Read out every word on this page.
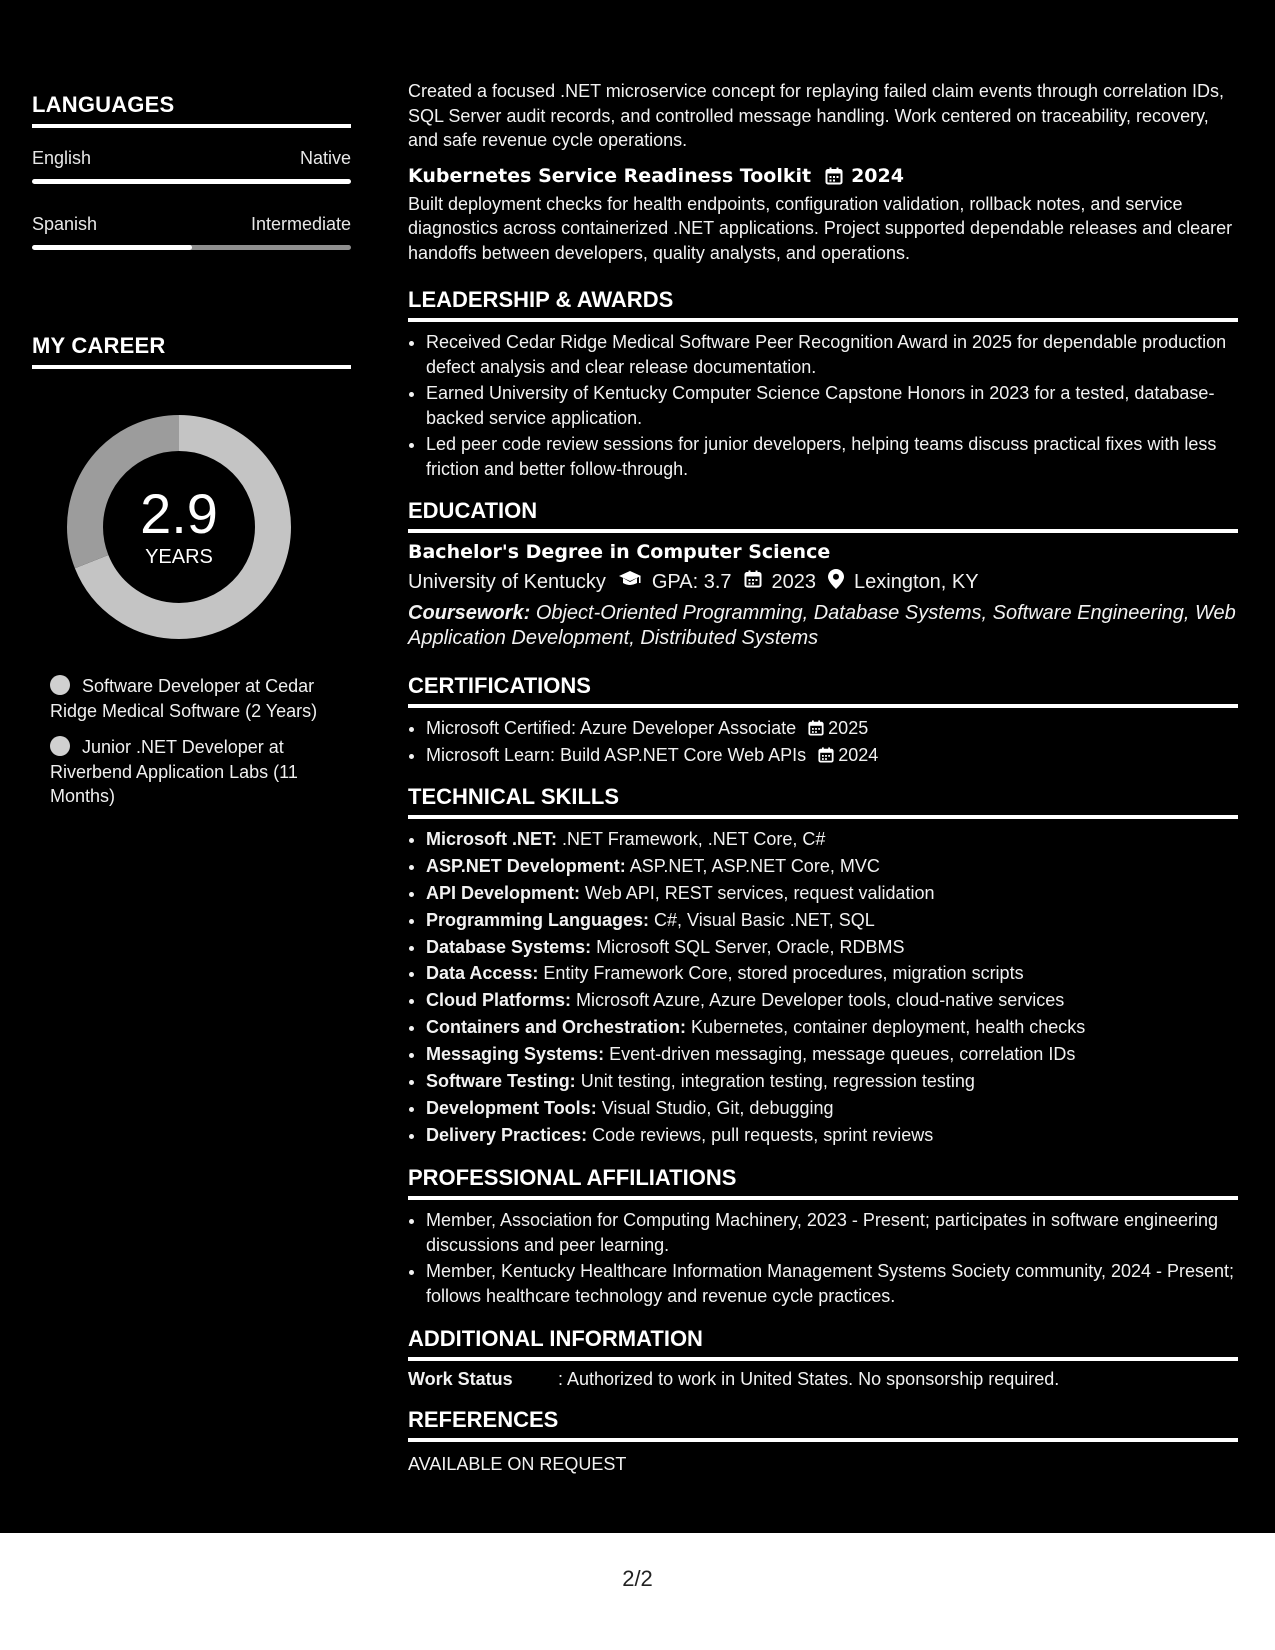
LANGUAGES
English	Native
Spanish	Intermediate
MY CAREER
2.9
YEARS
Software Developer at Cedar Ridge Medical Software (2 Years)
Junior .NET Developer at Riverbend Application Labs (11 Months)

Created a focused .NET microservice concept for replaying failed claim events through correlation IDs, SQL Server audit records, and controlled message handling. Work centered on traceability, recovery, and safe revenue cycle operations.

Kubernetes Service Readiness Toolkit 2024

Built deployment checks for health endpoints, configuration validation, rollback notes, and service diagnostics across containerized .NET applications. Project supported dependable releases and clearer handoffs between developers, quality analysts, and operations.

LEADERSHIP & AWARDS
• Received Cedar Ridge Medical Software Peer Recognition Award in 2025 for dependable production defect analysis and clear release documentation.
• Earned University of Kentucky Computer Science Capstone Honors in 2023 for a tested, database-backed service application.
• Led peer code review sessions for junior developers, helping teams discuss practical fixes with less friction and better follow-through.
EDUCATION

Bachelor's Degree in Computer Science

University of Kentucky GPA: 3.7 2023 Lexington, KY
Coursework: Object-Oriented Programming, Database Systems, Software Engineering, Web Application Development, Distributed Systems
CERTIFICATIONS
• Microsoft Certified: Azure Developer Associate 2025
• Microsoft Learn: Build ASP.NET Core Web APIs 2024
TECHNICAL SKILLS
• Microsoft .NET: .NET Framework, .NET Core, C#
• ASP.NET Development: ASP.NET, ASP.NET Core, MVC
• API Development: Web API, REST services, request validation
• Programming Languages: C#, Visual Basic .NET, SQL
• Database Systems: Microsoft SQL Server, Oracle, RDBMS
• Data Access: Entity Framework Core, stored procedures, migration scripts
• Cloud Platforms: Microsoft Azure, Azure Developer tools, cloud-native services
• Containers and Orchestration: Kubernetes, container deployment, health checks
• Messaging Systems: Event-driven messaging, message queues, correlation IDs
• Software Testing: Unit testing, integration testing, regression testing
• Development Tools: Visual Studio, Git, debugging
• Delivery Practices: Code reviews, pull requests, sprint reviews
PROFESSIONAL AFFILIATIONS
• Member, Association for Computing Machinery, 2023 - Present; participates in software engineering discussions and peer learning.
• Member, Kentucky Healthcare Information Management Systems Society community, 2024 - Present; follows healthcare technology and revenue cycle practices.
ADDITIONAL INFORMATION
Work Status	: Authorized to work in United States. No sponsorship required.
REFERENCES

AVAILABLE ON REQUEST

2/2
